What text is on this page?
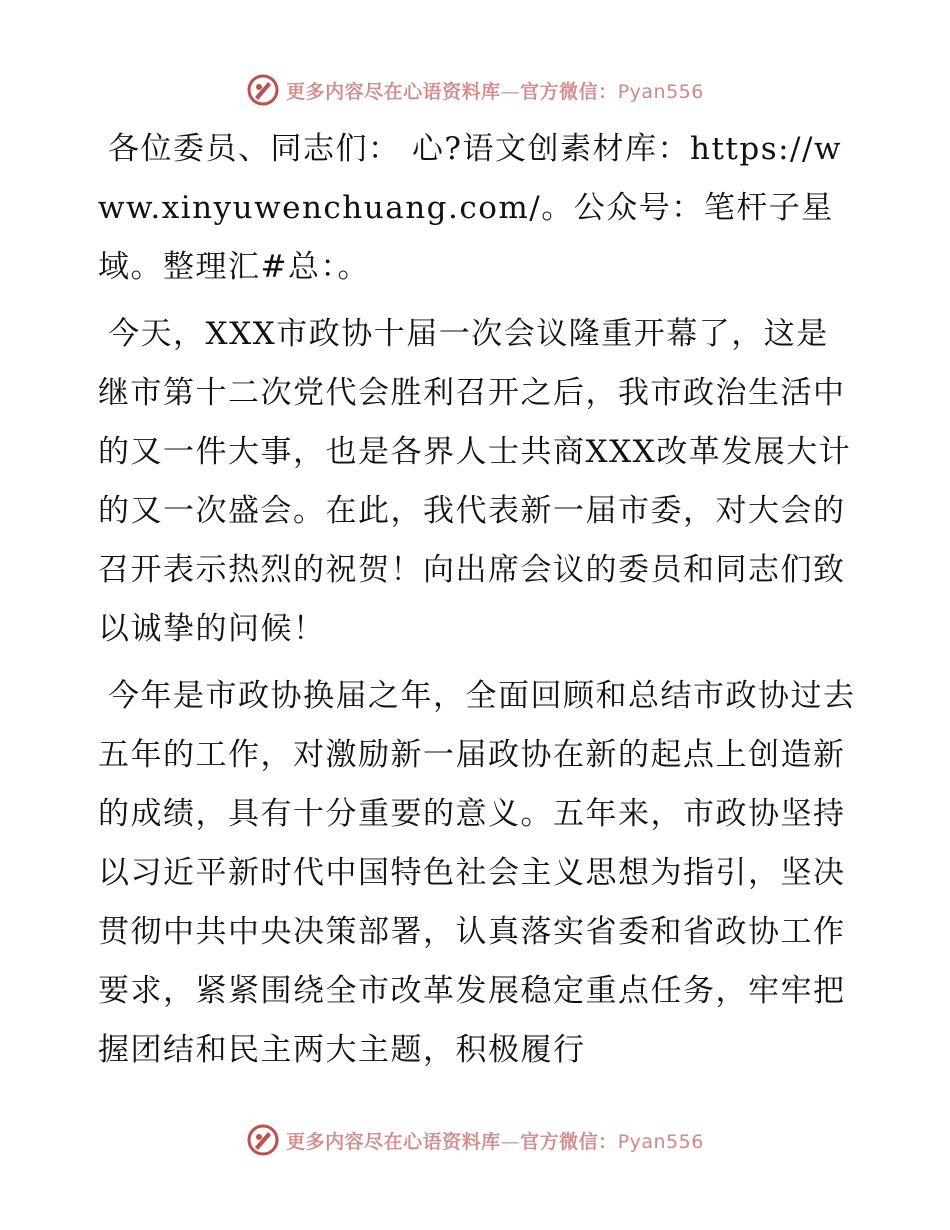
更多内容尽在心语资料库—官方微信：Pyan556

各位委员、同志们： 心?语文创素材库：https://www.xinyuwenchuang.com/。公众号：笔杆子星域。整理汇#总：。

今天，XXX市政协十届一次会议隆重开幕了，这是继市第十二次党代会胜利召开之后，我市政治生活中的又一件大事，也是各界人士共商XXX改革发展大计的又一次盛会。在此，我代表新一届市委，对大会的召开表示热烈的祝贺！向出席会议的委员和同志们致以诚挚的问候！

今年是市政协换届之年，全面回顾和总结市政协过去五年的工作，对激励新一届政协在新的起点上创造新的成绩，具有十分重要的意义。五年来，市政协坚持以习近平新时代中国特色社会主义思想为指引，坚决贯彻中共中央决策部署，认真落实省委和省政协工作要求，紧紧围绕全市改革发展稳定重点任务，牢牢把握团结和民主两大主题，积极履行

更多内容尽在心语资料库—官方微信：Pyan556
